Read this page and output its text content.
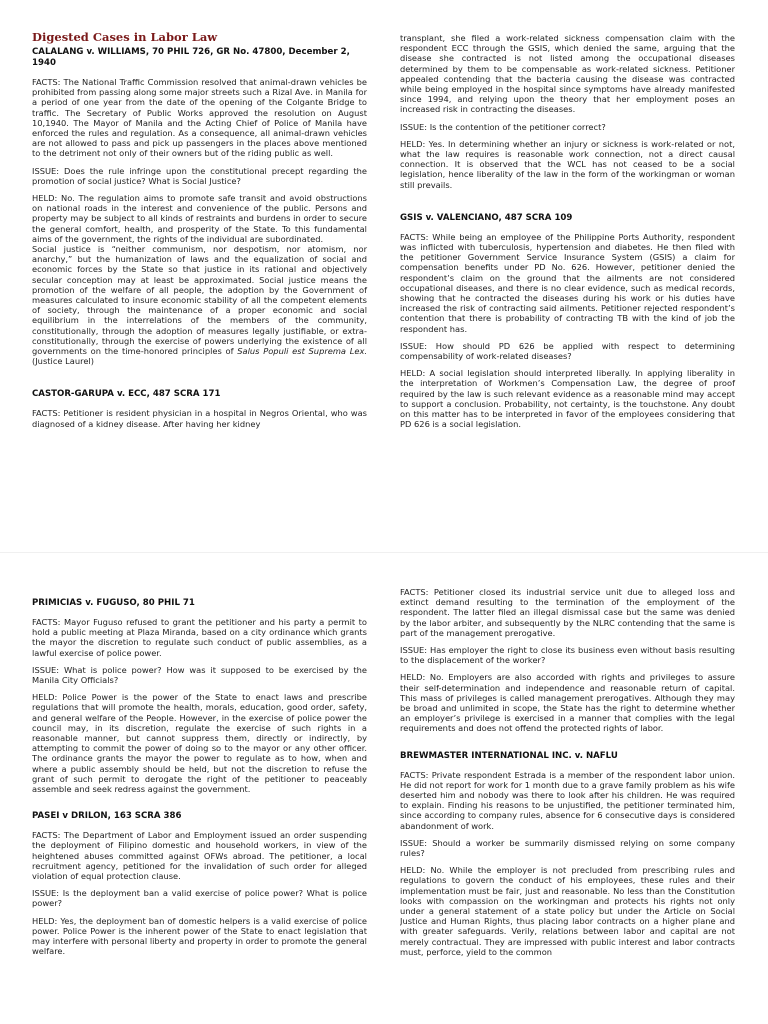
Digested Cases in Labor Law
CALALANG v. WILLIAMS, 70 PHIL 726, GR No. 47800, December 2, 1940

FACTS: The National Traffic Commission resolved that animal-drawn vehicles be prohibited from passing along some major streets such a Rizal Ave. in Manila for a period of one year from the date of the opening of the Colgante Bridge to traffic. The Secretary of Public Works approved the resolution on August 10,1940. The Mayor of Manila and the Acting Chief of Police of Manila have enforced the rules and regulation. As a consequence, all animal-drawn vehicles are not allowed to pass and pick up passengers in the places above mentioned to the detriment not only of their owners but of the riding public as well.

ISSUE: Does the rule infringe upon the constitutional precept regarding the promotion of social justice? What is Social Justice?

HELD: No. The regulation aims to promote safe transit and avoid obstructions on national roads in the interest and convenience of the public. Persons and property may be subject to all kinds of restraints and burdens in order to secure the general comfort, health, and prosperity of the State. To this fundamental aims of the government, the rights of the individual are subordinated.

Social justice is “neither communism, nor despotism, nor atomism, nor anarchy,” but the humanization of laws and the equalization of social and economic forces by the State so that justice in its rational and objectively secular conception may at least be approximated. Social justice means the promotion of the welfare of all people, the adoption by the Government of measures calculated to insure economic stability of all the competent elements of society, through the maintenance of a proper economic and social equilibrium in the interrelations of the members of the community, constitutionally, through the adoption of measures legally justifiable, or extra-constitutionally, through the exercise of powers underlying the existence of all governments on the time-honored principles of Salus Populi est Suprema Lex.(Justice Laurel)

CASTOR-GARUPA v. ECC, 487 SCRA 171

FACTS: Petitioner is resident physician in a hospital in Negros Oriental, who was diagnosed of a kidney disease. After having her kidney

transplant, she filed a work-related sickness compensation claim with the respondent ECC through the GSIS, which denied the same, arguing that the disease she contracted is not listed among the occupational diseases determined by them to be compensable as work-related sickness. Petitioner appealed contending that the bacteria causing the disease was contracted while being employed in the hospital since symptoms have already manifested since 1994, and relying upon the theory that her employment poses an increased risk in contracting the diseases.

ISSUE: Is the contention of the petitioner correct?

HELD: Yes. In determining whether an injury or sickness is work-related or not, what the law requires is reasonable work connection, not a direct causal connection. It is observed that the WCL has not ceased to be a social legislation, hence liberality of the law in the form of the workingman or woman still prevails.

GSIS v. VALENCIANO, 487 SCRA 109

FACTS: While being an employee of the Philippine Ports Authority, respondent was inflicted with tuberculosis, hypertension and diabetes. He then filed with the petitioner Government Service Insurance System (GSIS) a claim for compensation benefits under PD No. 626. However, petitioner denied the respondent’s claim on the ground that the ailments are not considered occupational diseases, and there is no clear evidence, such as medical records, showing that he contracted the diseases during his work or his duties have increased the risk of contracting said ailments. Petitioner rejected respondent’s contention that there is probability of contracting TB with the kind of job the respondent has.

ISSUE: How should PD 626 be applied with respect to determining compensability of work-related diseases?

HELD: A social legislation should interpreted liberally. In applying liberality in the interpretation of Workmen’s Compensation Law, the degree of proof required by the law is such relevant evidence as a reasonable mind may accept to support a conclusion. Probability, not certainty, is the touchstone. Any doubt on this matter has to be interpreted in favor of the employees considering that PD 626 is a social legislation.

PRIMICIAS v. FUGUSO, 80 PHIL 71

FACTS: Mayor Fuguso refused to grant the petitioner and his party a permit to hold a public meeting at Plaza Miranda, based on a city ordinance which grants the mayor the discretion to regulate such conduct of public assemblies, as a lawful exercise of police power.

ISSUE: What is police power? How was it supposed to be exercised by the Manila City Officials?

HELD: Police Power is the power of the State to enact laws and prescribe regulations that will promote the health, morals, education, good order, safety, and general welfare of the People. However, in the exercise of police power the council may, in its discretion, regulate the exercise of such rights in a reasonable manner, but cannot suppress them, directly or indirectly, by attempting to commit the power of doing so to the mayor or any other officer. The ordinance grants the mayor the power to regulate as to how, when and where a public assembly should be held, but not the discretion to refuse the grant of such permit to derogate the right of the petitioner to peaceably assemble and seek redress against the government.

PASEI v DRILON, 163 SCRA 386

FACTS: The Department of Labor and Employment issued an order suspending the deployment of Filipino domestic and household workers, in view of the heightened abuses committed against OFWs abroad. The petitioner, a local recruitment agency, petitioned for the invalidation of such order for alleged violation of equal protection clause.

ISSUE: Is the deployment ban a valid exercise of police power? What is police power?

HELD: Yes, the deployment ban of domestic helpers is a valid exercise of police power. Police Power is the inherent power of the State to enact legislation that may interfere with personal liberty and property in order to promote the general welfare.

FACTS: Petitioner closed its industrial service unit due to alleged loss and extinct demand resulting to the termination of the employment of the respondent. The latter filed an illegal dismissal case but the same was denied by the labor arbiter, and subsequently by the NLRC contending that the same is part of the management prerogative.

ISSUE: Has employer the right to close its business even without basis resulting to the displacement of the worker?

HELD: No. Employers are also accorded with rights and privileges to assure their self-determination and independence and reasonable return of capital. This mass of privileges is called management prerogatives. Although they may be broad and unlimited in scope, the State has the right to determine whether an employer’s privilege is exercised in a manner that complies with the legal requirements and does not offend the protected rights of labor.

BREWMASTER INTERNATIONAL INC. v. NAFLU

FACTS: Private respondent Estrada is a member of the respondent labor union. He did not report for work for 1 month due to a grave family problem as his wife deserted him and nobody was there to look after his children. He was required to explain. Finding his reasons to be unjustified, the petitioner terminated him, since according to company rules, absence for 6 consecutive days is considered abandonment of work.

ISSUE: Should a worker be summarily dismissed relying on some company rules?

HELD: No. While the employer is not precluded from prescribing rules and regulations to govern the conduct of his employees, these rules and their implementation must be fair, just and reasonable. No less than the Constitution looks with compassion on the workingman and protects his rights not only under a general statement of a state policy but under the Article on Social Justice and Human Rights, thus placing labor contracts on a higher plane and with greater safeguards. Verily, relations between labor and capital are not merely contractual. They are impressed with public interest and labor contracts must, perforce, yield to the common
